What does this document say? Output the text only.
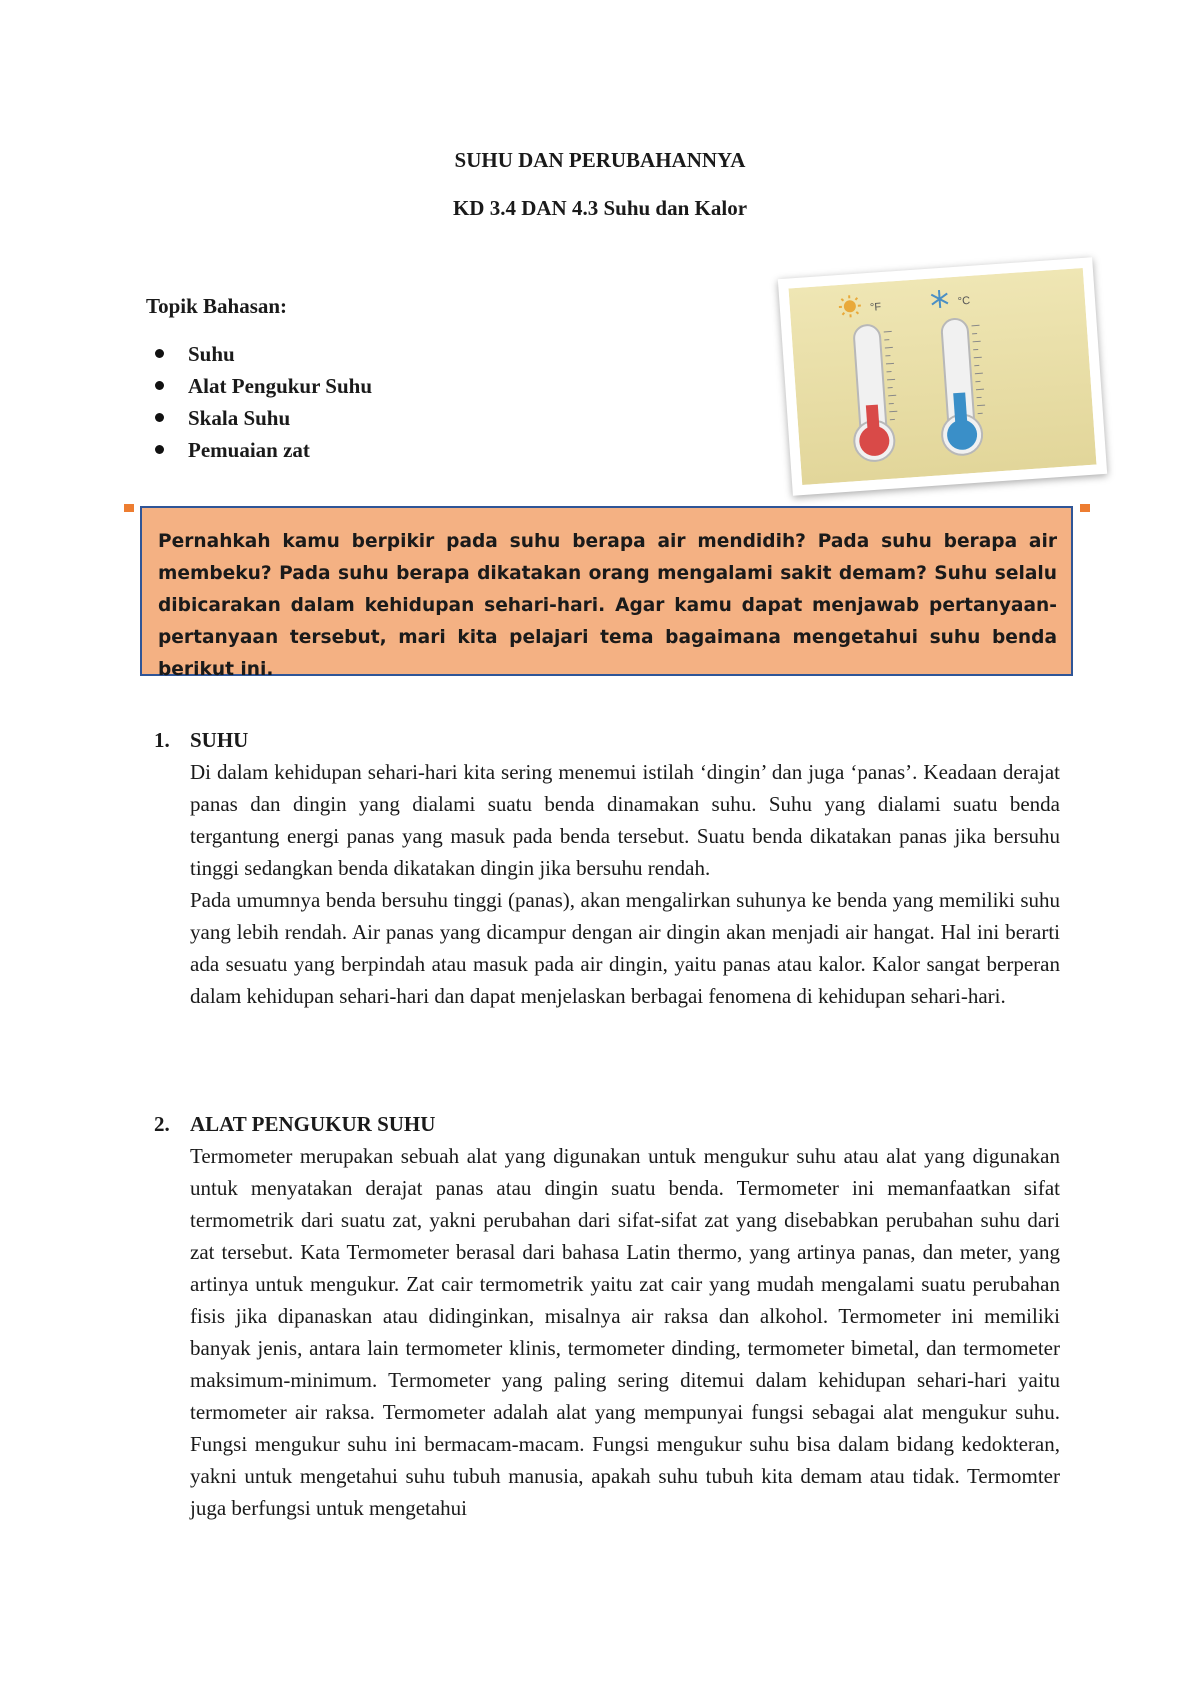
SUHU DAN PERUBAHANNYA
KD 3.4 DAN 4.3 Suhu dan Kalor
Topik Bahasan:
Suhu
Alat Pengukur Suhu
Skala Suhu
Pemuaian zat
°F	°C
Pernahkah kamu berpikir pada suhu berapa air mendidih? Pada suhu berapa air membeku? Pada suhu berapa dikatakan orang mengalami sakit demam? Suhu selalu dibicarakan dalam kehidupan sehari-hari. Agar kamu dapat menjawab pertanyaan-pertanyaan tersebut, mari kita pelajari tema bagaimana mengetahui suhu benda berikut ini.
1. SUHU

Di dalam kehidupan sehari-hari kita sering menemui istilah ‘dingin’ dan juga ‘panas’. Keadaan derajat panas dan dingin yang dialami suatu benda dinamakan suhu. Suhu yang dialami suatu benda tergantung energi panas yang masuk pada benda tersebut. Suatu benda dikatakan panas jika bersuhu tinggi sedangkan benda dikatakan dingin jika bersuhu rendah.

Pada umumnya benda bersuhu tinggi (panas), akan mengalirkan suhunya ke benda yang memiliki suhu yang lebih rendah. Air panas yang dicampur dengan air dingin akan menjadi air hangat. Hal ini berarti ada sesuatu yang berpindah atau masuk pada air dingin, yaitu panas atau kalor. Kalor sangat berperan dalam kehidupan sehari-hari dan dapat menjelaskan berbagai fenomena di kehidupan sehari-hari.

2. ALAT PENGUKUR SUHU

Termometer merupakan sebuah alat yang digunakan untuk mengukur suhu atau alat yang digunakan untuk menyatakan derajat panas atau dingin suatu benda. Termometer ini memanfaatkan sifat termometrik dari suatu zat, yakni perubahan dari sifat-sifat zat yang disebabkan perubahan suhu dari zat tersebut. Kata Termometer berasal dari bahasa Latin thermo, yang artinya panas, dan meter, yang artinya untuk mengukur. Zat cair termometrik yaitu zat cair yang mudah mengalami suatu perubahan fisis jika dipanaskan atau didinginkan, misalnya air raksa dan alkohol. Termometer ini memiliki banyak jenis, antara lain termometer klinis, termometer dinding, termometer bimetal, dan termometer maksimum-minimum. Termometer yang paling sering ditemui dalam kehidupan sehari-hari yaitu termometer air raksa. Termometer adalah alat yang mempunyai fungsi sebagai alat mengukur suhu. Fungsi mengukur suhu ini bermacam-macam. Fungsi mengukur suhu bisa dalam bidang kedokteran, yakni untuk mengetahui suhu tubuh manusia, apakah suhu tubuh kita demam atau tidak. Termomter juga berfungsi untuk mengetahui
